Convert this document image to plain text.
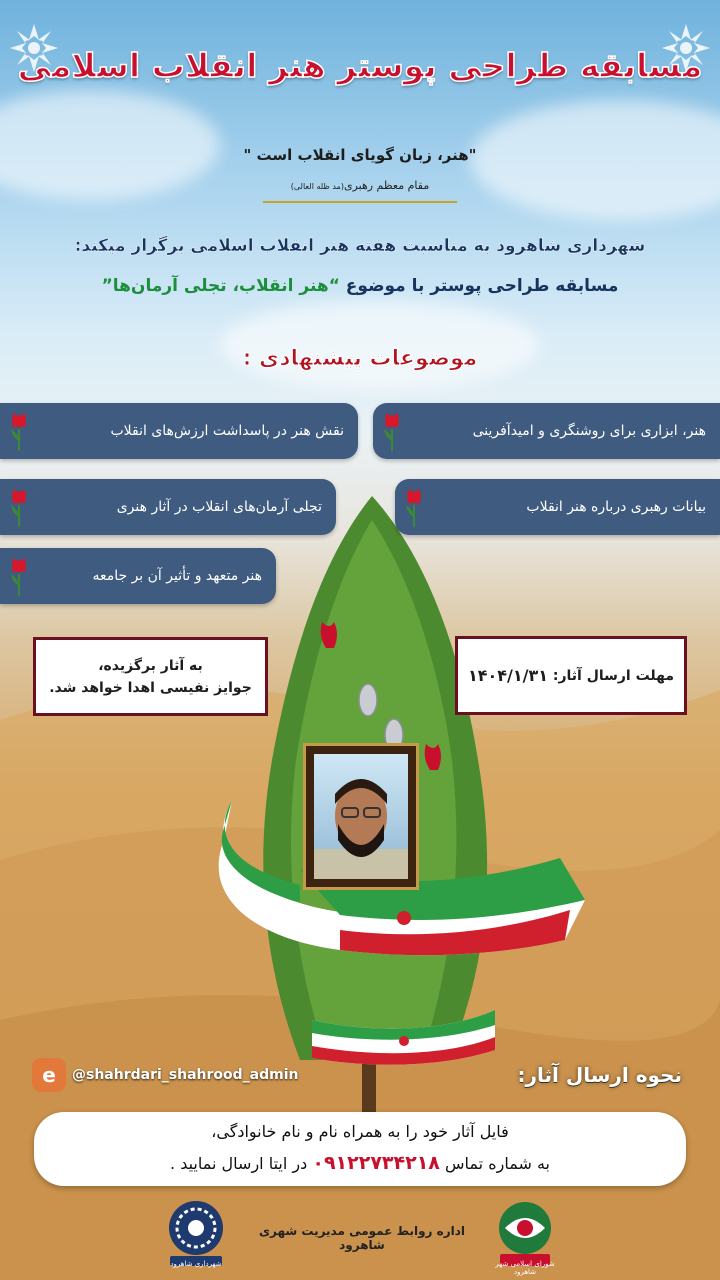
مسابقه طراحی پوستر هنر انقلاب اسلامی
"هنر، زبان گویای انقلاب است "
مقام معظم رهبری(مد ظله العالی)
شهرداری شاهرود به مناسبت هفته هنر انقلاب اسلامی برگزار میکند:
مسابقه طراحی پوستر با موضوع “هنر انقلاب، تجلی آرمان‌ها”
موضوعات پیشنهادی :
هنر، ابزاری برای روشنگری و امیدآفرینی
نقش هنر در پاسداشت ارزش‌های انقلاب
بیانات رهبری درباره هنر انقلاب
تجلی آرمان‌های انقلاب در آثار هنری
هنر متعهد و تأثیر آن بر جامعه
مهلت ارسال آثار:

۱۴۰۴/۱/۳۱
به آثار برگزیده،
جوایز نفیسی اهدا خواهد شد.
e	@shahrdari_shahrood_admin	نحوه ارسال آثار:
فایل آثار خود را به همراه نام و نام خانوادگی،
به شماره تماس ۰۹۱۲۲۷۳۴۲۱۸ در ایتا ارسال نمایید .
شورای اسلامی شهر شاهرود
اداره روابط عمومی مدیریت شهری شاهرود
شهرداری شاهرود
